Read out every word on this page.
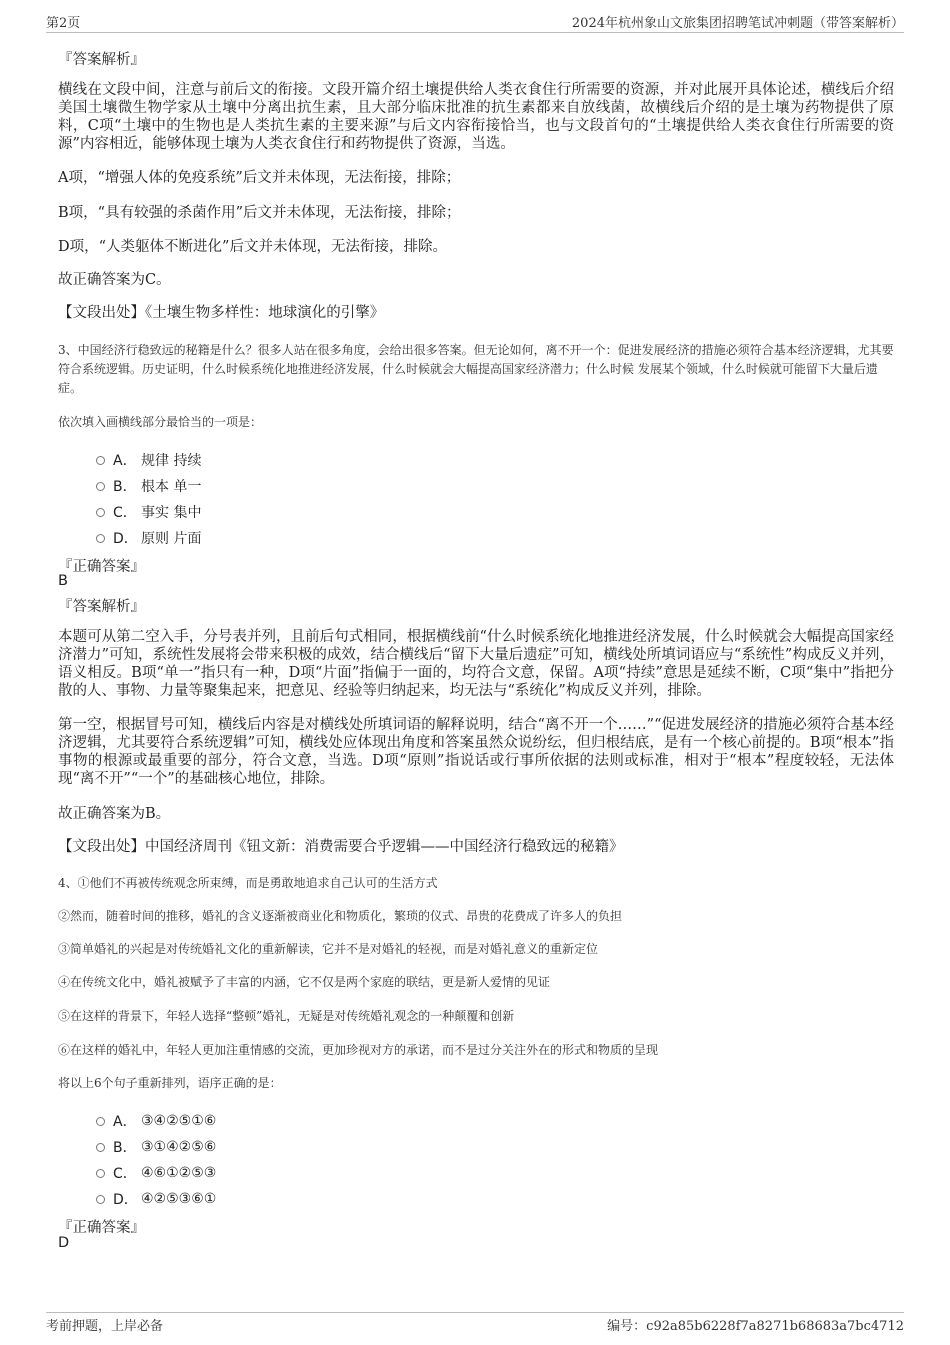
第2页	2024年杭州象山文旅集团招聘笔试冲刺题（带答案解析）
『答案解析』
横线在文段中间，注意与前后文的衔接。文段开篇介绍土壤提供给人类衣食住行所需要的资源，并对此展开具体论述，横线后介绍美国土壤微生物学家从土壤中分离出抗生素，且大部分临床批准的抗生素都来自放线菌，故横线后介绍的是土壤为药物提供了原料，C项“土壤中的生物也是人类抗生素的主要来源”与后文内容衔接恰当，也与文段首句的“土壤提供给人类衣食住行所需要的资源”内容相近，能够体现土壤为人类衣食住行和药物提供了资源，当选。
A项，“增强人体的免疫系统”后文并未体现，无法衔接，排除；
B项，“具有较强的杀菌作用”后文并未体现，无法衔接，排除；
D项，“人类躯体不断进化”后文并未体现，无法衔接，排除。
故正确答案为C。
【文段出处】《土壤生物多样性：地球演化的引擎》
3、中国经济行稳致远的秘籍是什么？很多人站在很多角度，会给出很多答案。但无论如何，离不开一个：促进发展经济的措施必须符合基本经济逻辑，尤其要符合系统逻辑。历史证明，什么时候系统化地推进经济发展，什么时候就会大幅提高国家经济潜力；什么时候 发展某个领域，什么时候就可能留下大量后遗症。
依次填入画横线部分最恰当的一项是：
A． 规律 持续
B． 根本 单一
C． 事实 集中
D． 原则 片面
『正确答案』
B
『答案解析』
本题可从第二空入手，分号表并列，且前后句式相同，根据横线前“什么时候系统化地推进经济发展，什么时候就会大幅提高国家经济潜力”可知，系统性发展将会带来积极的成效，结合横线后“留下大量后遗症”可知，横线处所填词语应与“系统性”构成反义并列，语义相反。B项“单一”指只有一种，D项“片面”指偏于一面的，均符合文意，保留。A项“持续”意思是延续不断，C项“集中”指把分散的人、事物、力量等聚集起来，把意见、经验等归纳起来，均无法与“系统化”构成反义并列，排除。
第一空，根据冒号可知，横线后内容是对横线处所填词语的解释说明，结合“离不开一个……”“促进发展经济的措施必须符合基本经济逻辑，尤其要符合系统逻辑”可知，横线处应体现出角度和答案虽然众说纷纭，但归根结底，是有一个核心前提的。B项“根本”指事物的根源或最重要的部分，符合文意，当选。D项“原则”指说话或行事所依据的法则或标准，相对于“根本”程度较轻，无法体现“离不开”“一个”的基础核心地位，排除。
故正确答案为B。
【文段出处】中国经济周刊《钮文新：消费需要合乎逻辑——中国经济行稳致远的秘籍》
4、①他们不再被传统观念所束缚，而是勇敢地追求自己认可的生活方式
②然而，随着时间的推移，婚礼的含义逐渐被商业化和物质化，繁琐的仪式、昂贵的花费成了许多人的负担
③简单婚礼的兴起是对传统婚礼文化的重新解读，它并不是对婚礼的轻视，而是对婚礼意义的重新定位
④在传统文化中，婚礼被赋予了丰富的内涵，它不仅是两个家庭的联结，更是新人爱情的见证
⑤在这样的背景下，年轻人选择“整顿”婚礼，无疑是对传统婚礼观念的一种颠覆和创新
⑥在这样的婚礼中，年轻人更加注重情感的交流，更加珍视对方的承诺，而不是过分关注外在的形式和物质的呈现
将以上6个句子重新排列，语序正确的是：
A． ③④②⑤①⑥
B． ③①④②⑤⑥
C． ④⑥①②⑤③
D． ④②⑤③⑥①
『正确答案』
D
考前押题，上岸必备	编号：c92a85b6228f7a8271b68683a7bc4712
